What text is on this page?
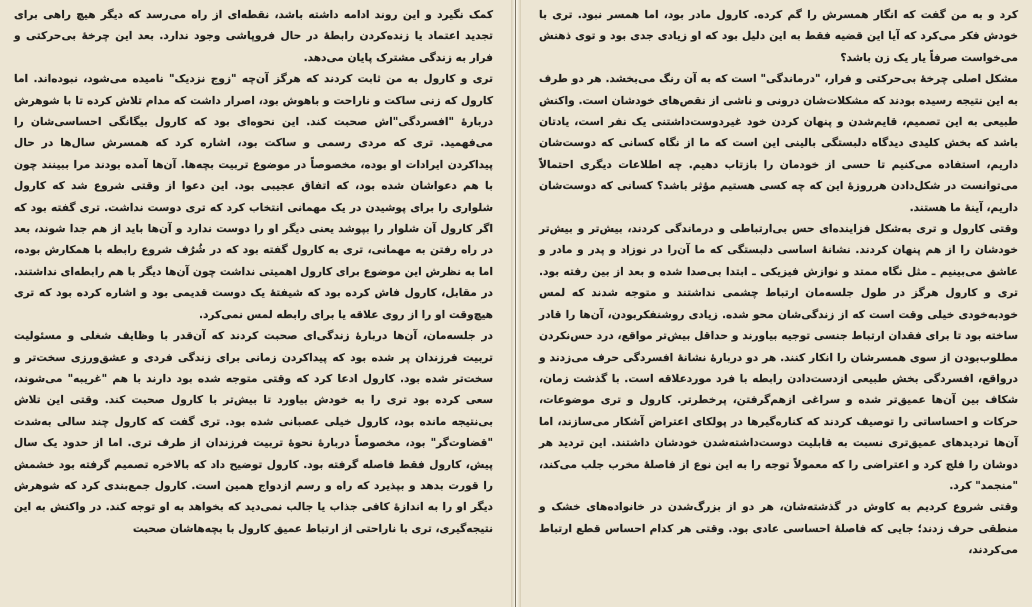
کمک نگیرد و این روند ادامه داشته باشد، نقطه‌ای از راه می‌رسد که دیگر هیچ راهی برای تجدید اعتماد یا زنده‌کردن رابطهٔ در حال فروپاشی وجود ندارد. بعد این چرخهٔ بی‌حرکتی و فرار به زندگی مشترک پایان می‌دهد.

تری و کارول به من ثابت کردند که هرگز آن‌چه "زوج نزدیک" نامیده می‌شود، نبوده‌اند. اما کارول که زنی ساکت و ناراحت و باهوش بود، اصرار داشت که مدام تلاش کرده تا با شوهرش دربارهٔ "افسردگی"اش صحبت کند. این نحوه‌ای بود که کارول بیگانگی احساسی‌شان را می‌فهمید. تری که مردی رسمی و ساکت بود، اشاره کرد که همسرش سال‌ها در حال پیدا‌کردن ایرادات او بوده، مخصوصاً در موضوع تربیت بچه‌ها. آن‌ها آمده بودند مرا ببینند چون با هم دعواشان شده بود، که اتفاق عجیبی بود. این دعوا از وقتی شروع شد که کارول شلواری را برای پوشیدن در یک مهمانی انتخاب کرد که تری دوست نداشت. تری گفته بود که اگر کارول آن شلوار را بپوشد یعنی دیگر او را دوست ندارد و آن‌ها باید از هم جدا شوند، بعد در راه رفتن به مهمانی، تری به کارول گفته بود که در شُرُف شروع رابطه با همکارش بوده، اما به نظرش این موضوع برای کارول اهمیتی نداشت چون آن‌ها دیگر با هم رابطه‌ای نداشتند. در مقابل، کارول فاش کرده بود که شیفتهٔ یک دوست قدیمی بود و اشاره کرده بود که تری هیچ‌وقت او را از روی علاقه یا برای رابطه لمس نمی‌کرد.

در جلسه‌مان، آن‌ها دربارهٔ زندگی‌ای صحبت کردند که آن‌قدر با وظایف شغلی و مسئولیت تربیت فرزندان پر شده بود که پیدا‌کردن زمانی برای زندگی فردی و عشق‌ورزی سخت‌تر و سخت‌تر شده بود. کارول ادعا کرد که وقتی متوجه شده بود دارند با هم "غریبه" می‌شوند، سعی کرده بود تری را به خودش بیاورد تا بیش‌تر با کارول صحبت کند. وقتی این تلاش بی‌نتیجه مانده بود، کارول خیلی عصبانی شده بود. تری گفت که کارول چند سالی به‌شدت "قضاوت‌گر" بود، مخصوصاً دربارهٔ نحوهٔ تربیت فرزندان از طرف تری. اما از حدود یک سال پیش، کارول فقط فاصله گرفته بود. کارول توضیح داد که بالاخره تصمیم گرفته بود خشمش را قورت بدهد و بپذیرد که راه و رسم ازدواج همین است. کارول جمع‌بندی کرد که شوهرش دیگر او را به اندازهٔ کافی جذاب یا جالب نمی‌دید که بخواهد به او توجه کند. در واکنش به این نتیجه‌گیری، تری با ناراحتی از ارتباط عمیق کارول با بچه‌هاشان صحبت

کرد و به من گفت که انگار همسرش را گم کرده. کارول مادر بود، اما همسر نبود. تری با خودش فکر می‌کرد که آیا این قضیه فقط به این دلیل بود که او زیادی جدی بود و توی ذهنش می‌خواست صرفاً یار یک زن باشد؟

مشکل اصلی چرخهٔ بی‌حرکتی و فرار، "درماندگی" است که به آن رنگ می‌بخشد. هر دو طرف به این نتیجه رسیده بودند که مشکلات‌شان درونی و ناشی از نقص‌های خودشان است. واکنش طبیعی به این تصمیم، قایم‌شدن و پنهان کردن خود غیردوست‌داشتنی یک نفر است، یادتان باشد که بخش کلیدی دیدگاه دلبستگی بالینی این است که ما از نگاه کسانی که دوست‌شان داریم، استفاده می‌کنیم تا حسی از خودمان را بازتاب دهیم. چه اطلاعات دیگری احتمالاً می‌توانست در شکل‌دادن هرروزهٔ این که چه کسی هستیم مؤثر باشد؟ کسانی که دوست‌شان داریم، آینهٔ ما هستند.

وقتی کارول و تری به‌شکل فزاینده‌ای حس بی‌ارتباطی و درماندگی کردند، بیش‌تر و بیش‌تر خودشان را از هم پنهان کردند. نشانهٔ اساسی دلبستگی که ما آن‌را در نوزاد و پدر و مادر و عاشق می‌بینیم ـ مثل نگاه ممتد و نوازش فیزیکی ـ ابتدا بی‌صدا شده و بعد از بین رفته بود. تری و کارول هرگز در طول جلسه‌مان ارتباط چشمی نداشتند و متوجه شدند که لمس خودبه‌خودی خیلی وقت است که از زندگی‌شان محو شده. زیادی روشنفکربودن، آن‌ها را قادر ساخته بود تا برای فقدان ارتباط جنسی توجیه بیاورند و حداقل بیش‌تر مواقع، درد حس‌نکردن مطلوب‌بودن از سوی همسرشان را انکار کنند. هر دو دربارهٔ نشانهٔ افسردگی حرف می‌زدند و درواقع، افسردگی بخش طبیعی از‌دست‌دادن رابطه با فرد موردعلاقه است. با گذشت زمان، شکاف بین آن‌ها عمیق‌تر شده و سراغی از‌هم‌گرفتن، پرخطرتر. کارول و تری موضوعات، حرکات و احساساتی را توصیف کردند که کناره‌گیرها در پولکای اعتراض آشکار می‌سازند، اما آن‌ها تردیدهای عمیق‌تری نسبت به قابلیت دوست‌داشته‌شدن خودشان داشتند. این تردید هر دوشان را فلج کرد و اعتراضی را که معمولاً توجه را به این نوع از فاصلهٔ مخرب جلب می‌کند، "منجمد" کرد.

وقتی شروع کردیم به کاوش در گذشته‌شان، هر دو از بزرگ‌شدن در خانواده‌های خشک و منطقی حرف زدند؛ جایی که فاصلهٔ احساسی عادی بود. وقتی هر کدام احساس قطع ارتباط می‌کردند،
